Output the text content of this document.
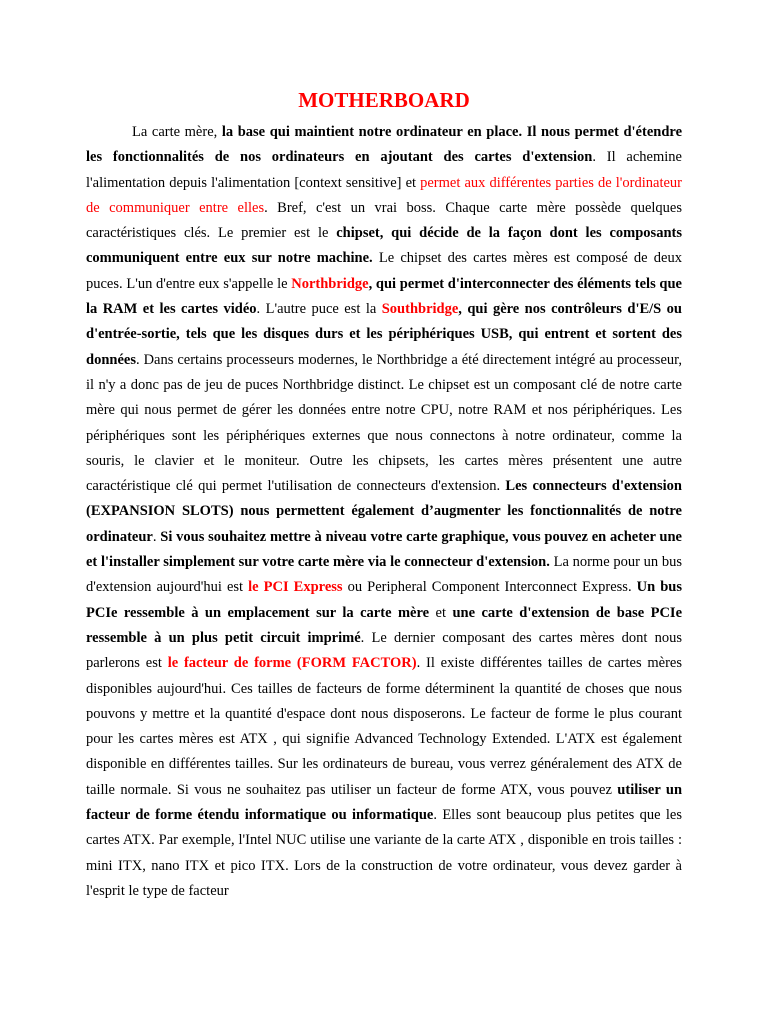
MOTHERBOARD

La carte mère, la base qui maintient notre ordinateur en place. Il nous permet d'étendre les fonctionnalités de nos ordinateurs en ajoutant des cartes d'extension. Il achemine l'alimentation depuis l'alimentation [context sensitive] et permet aux différentes parties de l'ordinateur de communiquer entre elles. Bref, c'est un vrai boss. Chaque carte mère possède quelques caractéristiques clés. Le premier est le chipset, qui décide de la façon dont les composants communiquent entre eux sur notre machine. Le chipset des cartes mères est composé de deux puces. L'un d'entre eux s'appelle le Northbridge, qui permet d'interconnecter des éléments tels que la RAM et les cartes vidéo. L'autre puce est la Southbridge, qui gère nos contrôleurs d'E/S ou d'entrée-sortie, tels que les disques durs et les périphériques USB, qui entrent et sortent des données. Dans certains processeurs modernes, le Northbridge a été directement intégré au processeur, il n'y a donc pas de jeu de puces Northbridge distinct. Le chipset est un composant clé de notre carte mère qui nous permet de gérer les données entre notre CPU, notre RAM et nos périphériques. Les périphériques sont les périphériques externes que nous connectons à notre ordinateur, comme la souris, le clavier et le moniteur. Outre les chipsets, les cartes mères présentent une autre caractéristique clé qui permet l'utilisation de connecteurs d'extension. Les connecteurs d'extension (EXPANSION SLOTS) nous permettent également d’augmenter les fonctionnalités de notre ordinateur. Si vous souhaitez mettre à niveau votre carte graphique, vous pouvez en acheter une et l'installer simplement sur votre carte mère via le connecteur d'extension. La norme pour un bus d'extension aujourd'hui est le PCI Express ou Peripheral Component Interconnect Express. Un bus PCIe ressemble à un emplacement sur la carte mère et une carte d'extension de base PCIe ressemble à un plus petit circuit imprimé. Le dernier composant des cartes mères dont nous parlerons est le facteur de forme (FORM FACTOR). Il existe différentes tailles de cartes mères disponibles aujourd'hui. Ces tailles de facteurs de forme déterminent la quantité de choses que nous pouvons y mettre et la quantité d'espace dont nous disposerons. Le facteur de forme le plus courant pour les cartes mères est ATX , qui signifie Advanced Technology Extended. L'ATX est également disponible en différentes tailles. Sur les ordinateurs de bureau, vous verrez généralement des ATX de taille normale. Si vous ne souhaitez pas utiliser un facteur de forme ATX, vous pouvez utiliser un facteur de forme étendu informatique ou informatique. Elles sont beaucoup plus petites que les cartes ATX. Par exemple, l'Intel NUC utilise une variante de la carte ATX , disponible en trois tailles : mini ITX, nano ITX et pico ITX. Lors de la construction de votre ordinateur, vous devez garder à l'esprit le type de facteur
